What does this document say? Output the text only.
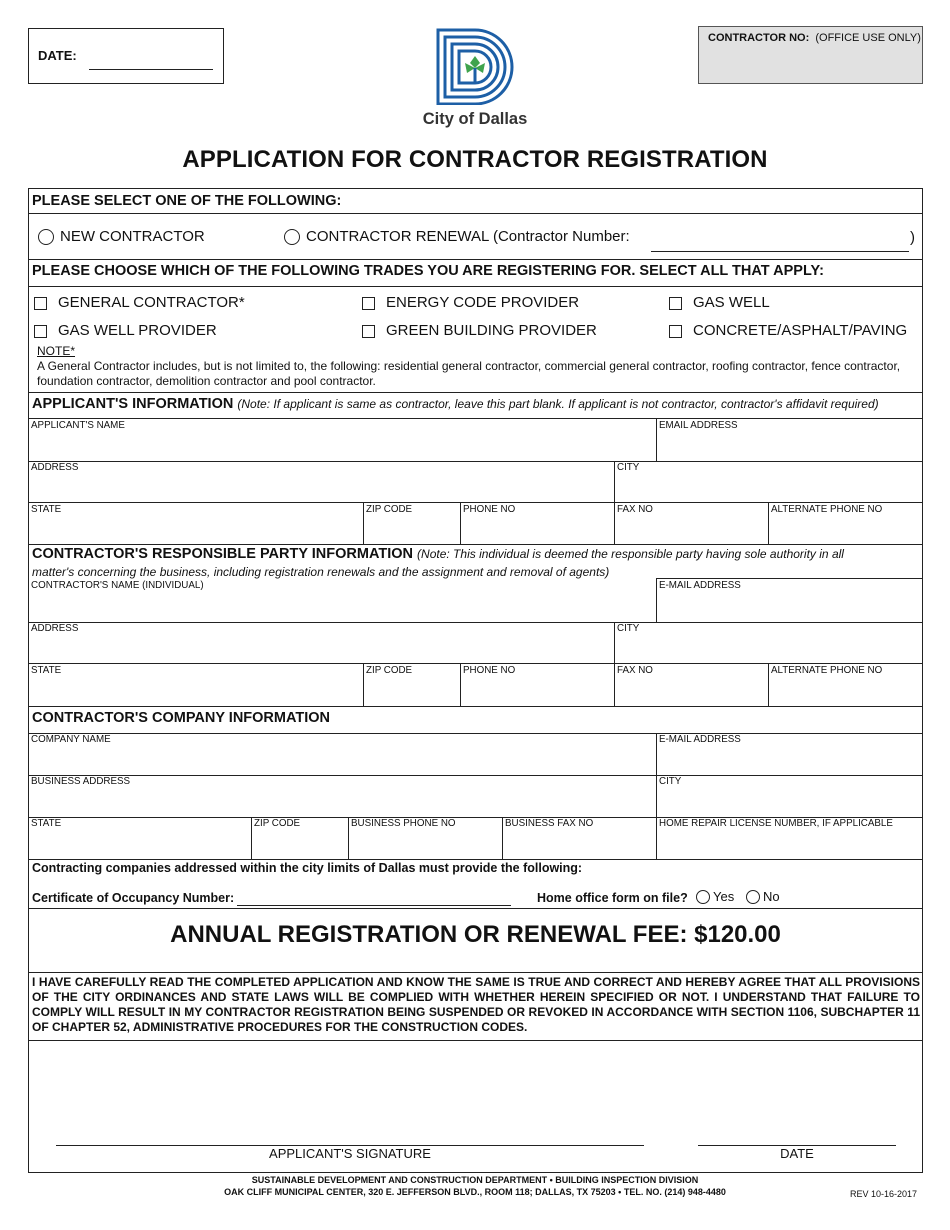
DATE:
City of Dallas
CONTRACTOR NO: (OFFICE USE ONLY)
APPLICATION FOR CONTRACTOR REGISTRATION
PLEASE SELECT ONE OF THE FOLLOWING:
NEW CONTRACTOR	CONTRACTOR RENEWAL (Contractor Number:	)
PLEASE CHOOSE WHICH OF THE FOLLOWING TRADES YOU ARE REGISTERING FOR. SELECT ALL THAT APPLY:
GENERAL CONTRACTOR*	ENERGY CODE PROVIDER	GAS WELL
GAS WELL PROVIDER	GREEN BUILDING PROVIDER	CONCRETE/ASPHALT/PAVING
NOTE*
A General Contractor includes, but is not limited to, the following: residential general contractor, commercial general contractor, roofing contractor, fence contractor, foundation contractor, demolition contractor and pool contractor.
APPLICANT'S INFORMATION (Note: If applicant is same as contractor, leave this part blank. If applicant is not contractor, contractor's affidavit required)
APPLICANT'S NAME	EMAIL ADDRESS
ADDRESS	CITY
STATE	ZIP CODE	PHONE NO	FAX NO	ALTERNATE PHONE NO
CONTRACTOR'S RESPONSIBLE PARTY INFORMATION (Note: This individual is deemed the responsible party having sole authority in all
matter's concerning the business, including registration renewals and the assignment and removal of agents)
CONTRACTOR'S NAME (INDIVIDUAL)	E-MAIL ADDRESS
ADDRESS	CITY
STATE	ZIP CODE	PHONE NO	FAX NO	ALTERNATE PHONE NO
CONTRACTOR'S COMPANY INFORMATION
COMPANY NAME	E-MAIL ADDRESS
BUSINESS ADDRESS	CITY
STATE	ZIP CODE	BUSINESS PHONE NO	BUSINESS FAX NO	HOME REPAIR LICENSE NUMBER, IF APPLICABLE
Contracting companies addressed within the city limits of Dallas must provide the following:
Certificate of Occupancy Number:	Home office form on file? Yes No
ANNUAL REGISTRATION OR RENEWAL FEE: $120.00
I HAVE CAREFULLY READ THE COMPLETED APPLICATION AND KNOW THE SAME IS TRUE AND CORRECT AND HEREBY AGREE THAT ALL PROVISIONS OF THE CITY ORDINANCES AND STATE LAWS WILL BE COMPLIED WITH WHETHER HEREIN SPECIFIED OR NOT. I UNDERSTAND THAT FAILURE TO COMPLY WILL RESULT IN MY CONTRACTOR REGISTRATION BEING SUSPENDED OR REVOKED IN ACCORDANCE WITH SECTION 1106, SUBCHAPTER 11 OF CHAPTER 52, ADMINISTRATIVE PROCEDURES FOR THE CONSTRUCTION CODES.
APPLICANT'S SIGNATURE	DATE
SUSTAINABLE DEVELOPMENT AND CONSTRUCTION DEPARTMENT • BUILDING INSPECTION DIVISION
OAK CLIFF MUNICIPAL CENTER, 320 E. JEFFERSON BLVD., ROOM 118; DALLAS, TX 75203 • TEL. NO. (214) 948-4480	REV 10-16-2017
